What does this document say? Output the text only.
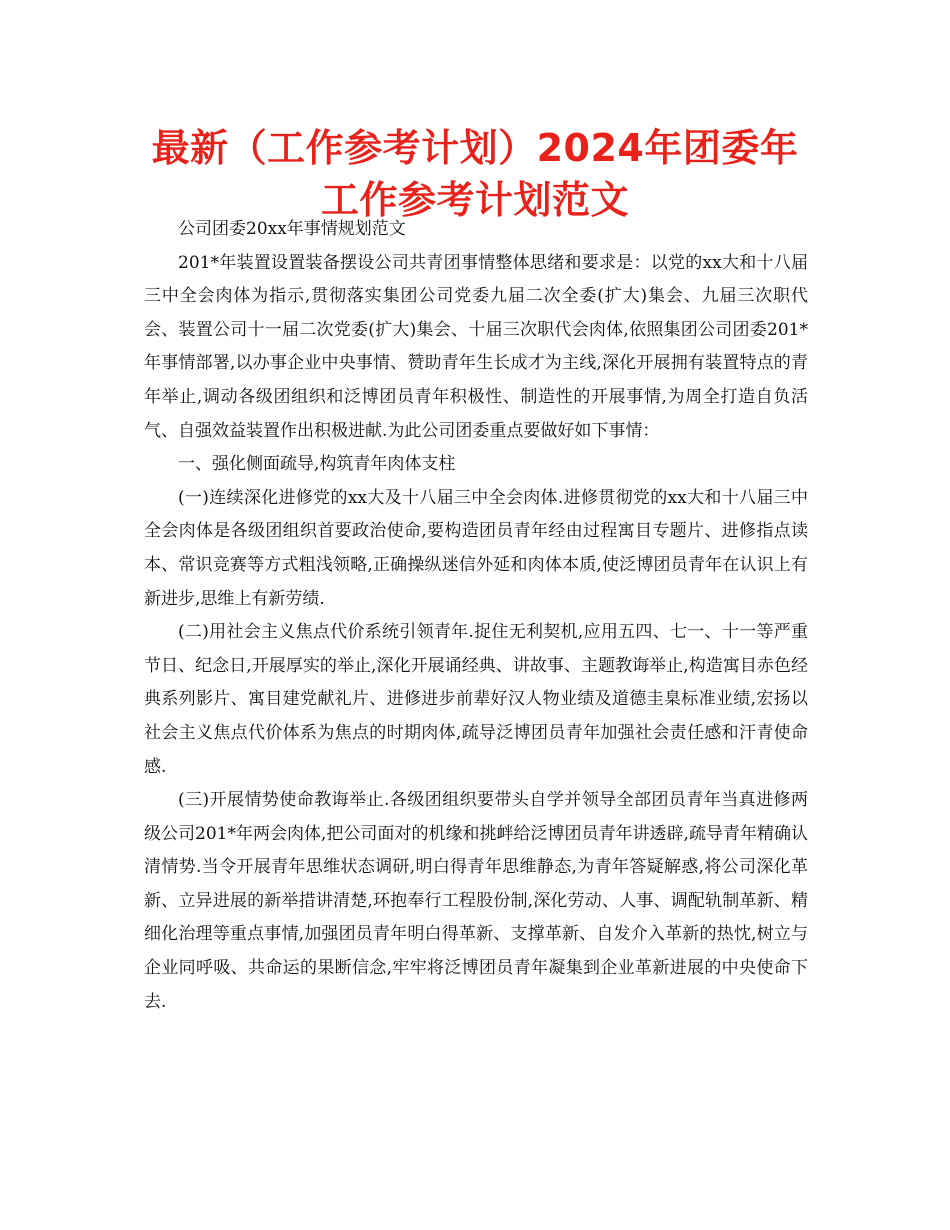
最新（工作参考计划）2024年团委年工作参考计划范文

公司团委20xx年事情规划范文

201*年装置设置装备摆设公司共青团事情整体思绪和要求是：以党的xx大和十八届三中全会肉体为指示,贯彻落实集团公司党委九届二次全委(扩大)集会、九届三次职代会、装置公司十一届二次党委(扩大)集会、十届三次职代会肉体,依照集团公司团委201*年事情部署,以办事企业中央事情、赞助青年生长成才为主线,深化开展拥有装置特点的青年举止,调动各级团组织和泛博团员青年积极性、制造性的开展事情,为周全打造自负活气、自强效益装置作出积极进献.为此公司团委重点要做好如下事情：

一、强化侧面疏导,构筑青年肉体支柱

(一)连续深化进修党的xx大及十八届三中全会肉体.进修贯彻党的xx大和十八届三中全会肉体是各级团组织首要政治使命,要构造团员青年经由过程寓目专题片、进修指点读本、常识竞赛等方式粗浅领略,正确操纵迷信外延和肉体本质,使泛博团员青年在认识上有新进步,思维上有新劳绩.

(二)用社会主义焦点代价系统引领青年.捉住无利契机,应用五四、七一、十一等严重节日、纪念日,开展厚实的举止,深化开展诵经典、讲故事、主题教诲举止,构造寓目赤色经典系列影片、寓目建党献礼片、进修进步前辈好汉人物业绩及道德圭臬标准业绩,宏扬以社会主义焦点代价体系为焦点的时期肉体,疏导泛博团员青年加强社会责任感和汗青使命感.

(三)开展情势使命教诲举止.各级团组织要带头自学并领导全部团员青年当真进修两级公司201*年两会肉体,把公司面对的机缘和挑衅给泛博团员青年讲透辟,疏导青年精确认清情势.当令开展青年思维状态调研,明白得青年思维静态,为青年答疑解惑,将公司深化革新、立异进展的新举措讲清楚,环抱奉行工程股份制,深化劳动、人事、调配轨制革新、精细化治理等重点事情,加强团员青年明白得革新、支撑革新、自发介入革新的热忱,树立与企业同呼吸、共命运的果断信念,牢牢将泛博团员青年凝集到企业革新进展的中央使命下去.
